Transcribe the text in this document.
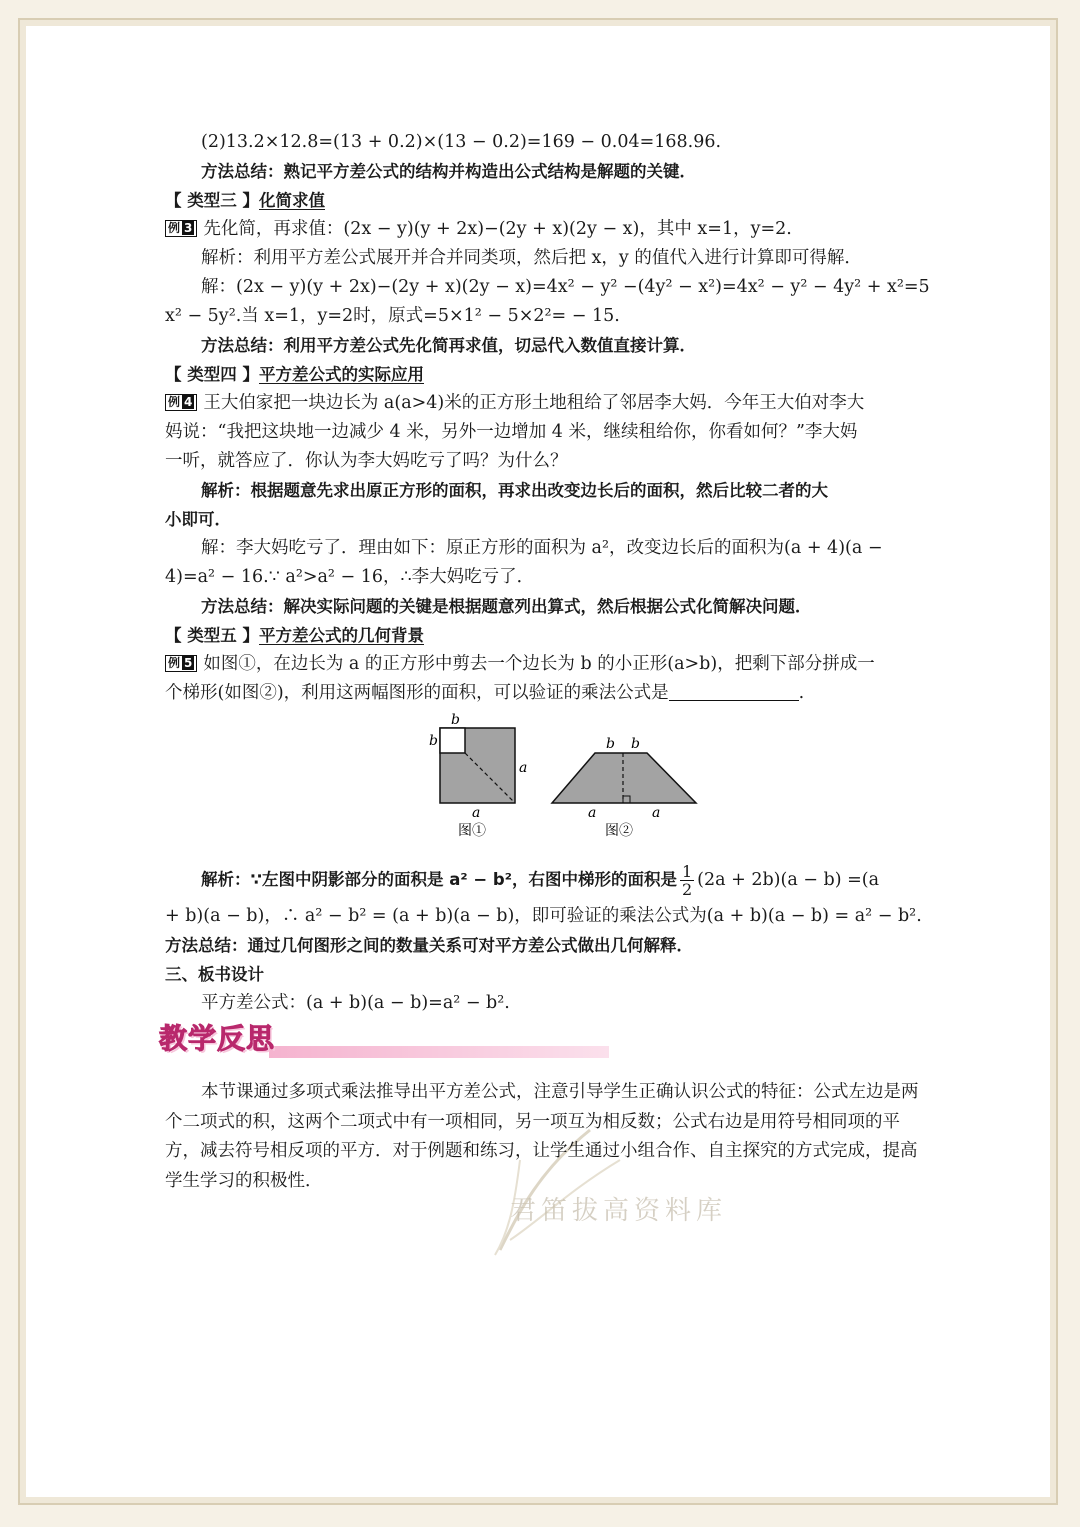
君笛拔高资料库
(2)13.2×12.8=(13 + 0.2)×(13 − 0.2)=169 − 0.04=168.96.
方法总结：熟记平方差公式的结构并构造出公式结构是解题的关键．
【 类型三 】化简求值
例 3 先化简，再求值：(2x − y)(y + 2x)−(2y + x)(2y − x)，其中 x=1，y=2.
解析：利用平方差公式展开并合并同类项，然后把 x，y 的值代入进行计算即可得解．
解：(2x − y)(y + 2x)−(2y + x)(2y − x)=4x² − y² −(4y² − x²)=4x² − y² − 4y² + x²=5
x² − 5y².当 x=1，y=2时，原式=5×1² − 5×2²= − 15.
方法总结：利用平方差公式先化简再求值，切忌代入数值直接计算．
【 类型四 】平方差公式的实际应用
例 4 王大伯家把一块边长为 a(a>4)米的正方形土地租给了邻居李大妈．今年王大伯对李大
妈说：“我把这块地一边减少 4 米，另外一边增加 4 米，继续租给你，你看如何？”李大妈
一听，就答应了．你认为李大妈吃亏了吗？为什么？
解析：根据题意先求出原正方形的面积，再求出改变边长后的面积，然后比较二者的大
小即可．
解：李大妈吃亏了．理由如下：原正方形的面积为 a²，改变边长后的面积为(a + 4)(a −
4)=a² − 16.∵ a²>a² − 16，∴李大妈吃亏了．
方法总结：解决实际问题的关键是根据题意列出算式，然后根据公式化简解决问题．
【 类型五 】平方差公式的几何背景
例 5 如图①，在边长为 a 的正方形中剪去一个边长为 b 的小正形(a>b)，把剩下部分拼成一
个梯形(如图②)，利用这两幅图形的面积，可以验证的乘法公式是	.
b
b
a
a
图①
b b
a	a
图②
解析：∵左图中阴影部分的面积是 a² − b²，右图中梯形的面积是 $\frac{1}{2} (2a + 2b)(a - b) =(a$
+ b)(a − b)，∴ a² − b² = (a + b)(a − b)，即可验证的乘法公式为(a + b)(a − b) = a² − b².
方法总结：通过几何图形之间的数量关系可对平方差公式做出几何解释．
三、板书设计
平方差公式：(a + b)(a − b)=a² − b².
教学反思
本节课通过多项式乘法推导出平方差公式，注意引导学生正确认识公式的特征：公式左边是两个二项式的积，这两个二项式中有一项相同，另一项互为相反数；公式右边是用符号相同项的平方，减去符号相反项的平方．对于例题和练习，让学生通过小组合作、自主探究的方式完成，提高学生学习的积极性．
